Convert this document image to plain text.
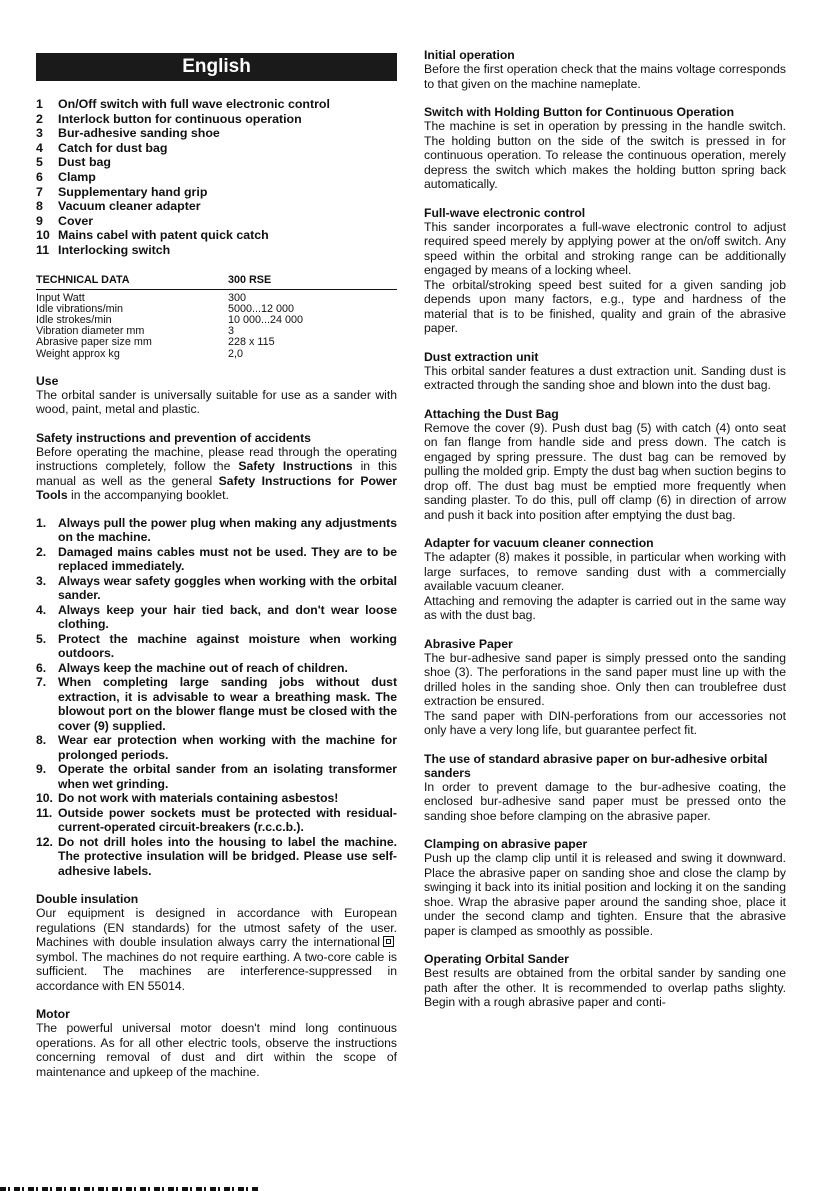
English
1	On/Off switch with full wave electronic control
2	Interlock button for continuous operation
3	Bur-adhesive sanding shoe
4	Catch for dust bag
5	Dust bag
6	Clamp
7	Supplementary hand grip
8	Vacuum cleaner adapter
9	Cover
10 Mains cabel with patent quick catch
11 Interlocking switch
TECHNICAL DATA	300 RSE
Input Watt	300
Idle vibrations/min	5000...12 000
Idle strokes/min	10 000...24 000
Vibration diameter mm	3
Abrasive paper size mm	228 x 115
Weight approx kg	2,0
Use

The orbital sander is universally suitable for use as a sander with wood, paint, metal and plastic.

Safety instructions and prevention of accidents

Before operating the machine, please read through the operating instructions completely, follow the Safety Instructions in this manual as well as the general Safety Instructions for Power Tools in the accompanying booklet.

1. Always pull the power plug when making any adjustments on the machine.
2. Damaged mains cables must not be used. They are to be replaced immediately.
3. Always wear safety goggles when working with the orbital sander.
4. Always keep your hair tied back, and don't wear loose clothing.
5. Protect the machine against moisture when working outdoors.
6. Always keep the machine out of reach of children.
7. When completing large sanding jobs without dust extraction, it is advisable to wear a breathing mask. The blowout port on the blower flange must be closed with the cover (9) supplied.
8. Wear ear protection when working with the machine for prolonged periods.
9. Operate the orbital sander from an isolating transformer when wet grinding.
10. Do not work with materials containing asbestos!
11. Outside power sockets must be protected with residual-current-operated circuit-breakers (r.c.c.b.).
12. Do not drill holes into the housing to label the machine. The protective insulation will be bridged. Please use self-adhesive labels.
Double insulation

Our equipment is designed in accordance with European regulations (EN standards) for the utmost safety of the user. Machines with double insulation always carry the internationalsymbol. The machines do not require earthing. A two-core cable is sufficient. The machines are interference-suppressed in accordance with EN 55014.

Motor

The powerful universal motor doesn't mind long continuous operations. As for all other electric tools, observe the instructions concerning removal of dust and dirt within the scope of maintenance and upkeep of the machine.

Initial operation

Before the first operation check that the mains voltage corresponds to that given on the machine nameplate.

Switch with Holding Button for Continuous Operation

The machine is set in operation by pressing in the handle switch. The holding button on the side of the switch is pressed in for continuous operation. To release the continuous operation, merely depress the switch which makes the holding button spring back automatically.

Full-wave electronic control

This sander incorporates a full-wave electronic control to adjust required speed merely by applying power at the on/off switch. Any speed within the orbital and stroking range can be additionally engaged by means of a locking wheel.

The orbital/stroking speed best suited for a given sanding job depends upon many factors, e.g., type and hardness of the material that is to be finished, quality and grain of the abrasive paper.

Dust extraction unit

This orbital sander features a dust extraction unit. Sanding dust is extracted through the sanding shoe and blown into the dust bag.

Attaching the Dust Bag

Remove the cover (9). Push dust bag (5) with catch (4) onto seat on fan flange from handle side and press down. The catch is engaged by spring pressure. The dust bag can be removed by pulling the molded grip. Empty the dust bag when suction begins to drop off. The dust bag must be emptied more frequently when sanding plaster. To do this, pull off clamp (6) in direction of arrow and push it back into position after emptying the dust bag.

Adapter for vacuum cleaner connection

The adapter (8) makes it possible, in particular when working with large surfaces, to remove sanding dust with a commercially available vacuum cleaner.

Attaching and removing the adapter is carried out in the same way as with the dust bag.

Abrasive Paper

The bur-adhesive sand paper is simply pressed onto the sanding shoe (3). The perforations in the sand paper must line up with the drilled holes in the sanding shoe. Only then can troublefree dust extraction be ensured.

The sand paper with DIN-perforations from our accessories not only have a very long life, but guarantee perfect fit.

The use of standard abrasive paper on bur-adhesive orbital sanders

In order to prevent damage to the bur-adhesive coating, the enclosed bur-adhesive sand paper must be pressed onto the sanding shoe before clamping on the abrasive paper.

Clamping on abrasive paper

Push up the clamp clip until it is released and swing it downward. Place the abrasive paper on sanding shoe and close the clamp by swinging it back into its initial position and locking it on the sanding shoe. Wrap the abrasive paper around the sanding shoe, place it under the second clamp and tighten. Ensure that the abrasive paper is clamped as smoothly as possible.

Operating Orbital Sander

Best results are obtained from the orbital sander by sanding one path after the other. It is recommended to overlap paths slighty. Begin with a rough abrasive paper and conti-
